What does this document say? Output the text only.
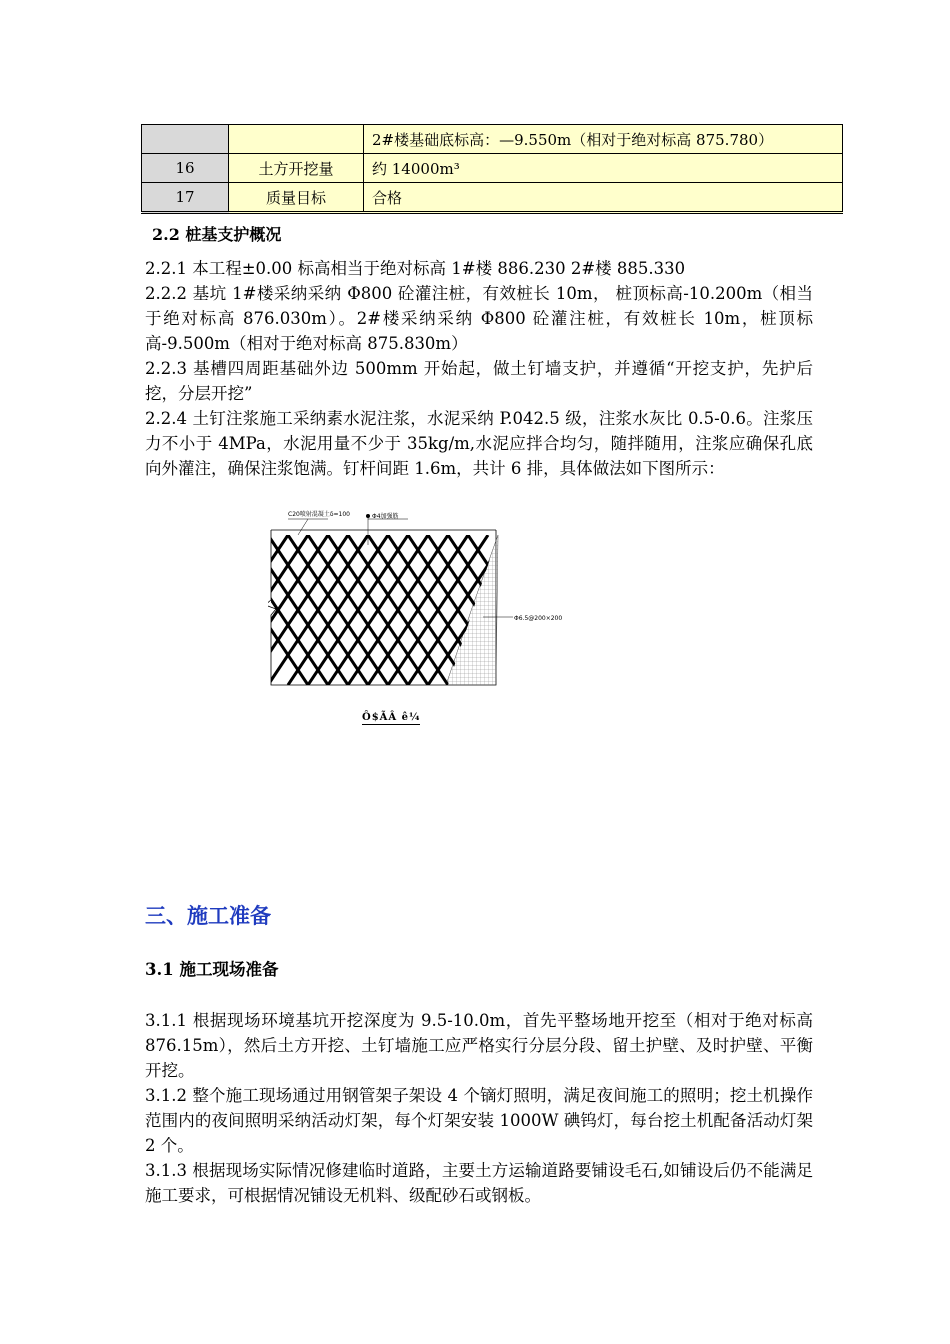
		2#楼基础底标高：—9.550m（相对于绝对标高 875.780）
16	土方开挖量	约 14000m³
17	质量目标	合格
2.2 桩基支护概况
2.2.1 本工程±0.00 标高相当于绝对标高 1#楼 886.230 2#楼 885.330
2.2.2 基坑 1#楼采纳采纳 Φ800 砼灌注桩，有效桩长 10m， 桩顶标高-10.200m（相当于绝对标高 876.030m）。2#楼采纳采纳 Φ800 砼灌注桩，有效桩长 10m，桩顶标高-9.500m（相对于绝对标高 875.830m）
2.2.3 基槽四周距基础外边 500mm 开始起，做土钉墙支护，并遵循“开挖支护，先护后挖，分层开挖”
2.2.4 土钉注浆施工采纳素水泥注浆，水泥采纳 P.042.5 级，注浆水灰比 0.5-0.6。注浆压力不小于 4MPa，水泥用量不少于 35kg/m,水泥应拌合均匀，随拌随用，注浆应确保孔底向外灌注，确保注浆饱满。钉杆间距 1.6m，共计 6 排，具体做法如下图所示：
C20喷射混凝土δ=100	Φ4加强筋
Φ6.5@200×200
Ô$ÃÂ ê¼
三、施工准备
3.1 施工现场准备
3.1.1 根据现场环境基坑开挖深度为 9.5-10.0m，首先平整场地开挖至（相对于绝对标高 876.15m），然后土方开挖、土钉墙施工应严格实行分层分段、留土护壁、及时护壁、平衡开挖。
3.1.2 整个施工现场通过用钢管架子架设 4 个镝灯照明，满足夜间施工的照明；挖土机操作范围内的夜间照明采纳活动灯架，每个灯架安装 1000W 碘钨灯，每台挖土机配备活动灯架 2 个。
3.1.3 根据现场实际情况修建临时道路，主要土方运输道路要铺设毛石,如铺设后仍不能满足施工要求，可根据情况铺设无机料、级配砂石或钢板。
